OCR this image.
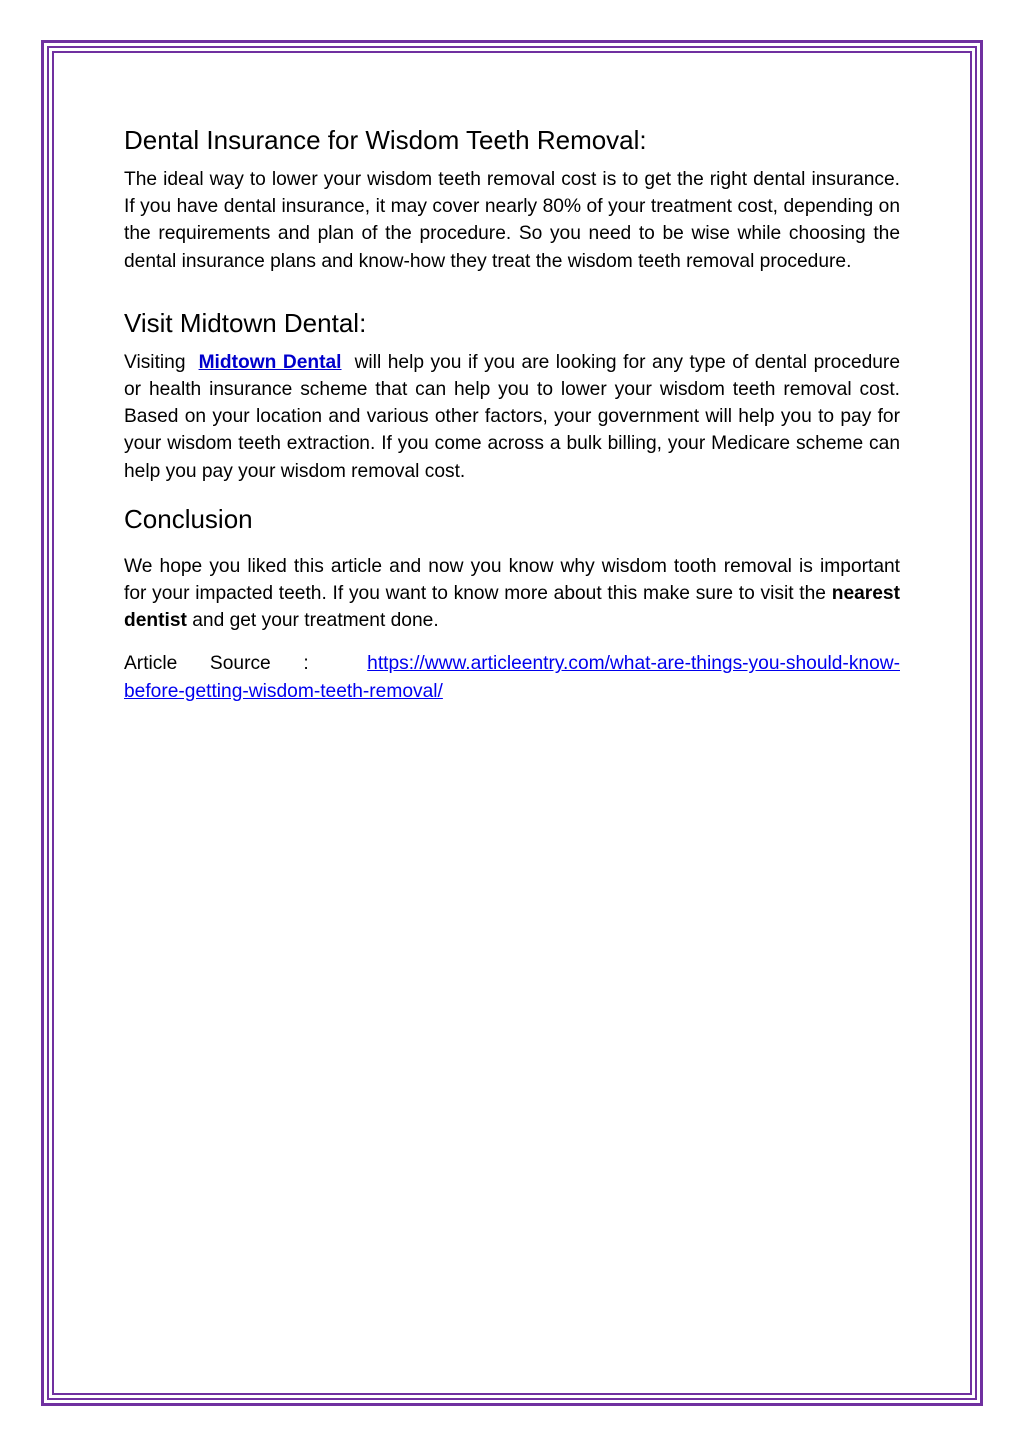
Dental Insurance for Wisdom Teeth Removal:

The ideal way to lower your wisdom teeth removal cost is to get the right dental insurance. If you have dental insurance, it may cover nearly 80% of your treatment cost, depending on the requirements and plan of the procedure. So you need to be wise while choosing the dental insurance plans and know-how they treat the wisdom teeth removal procedure.

Visit Midtown Dental:

Visiting Midtown Dental will help you if you are looking for any type of dental procedure or health insurance scheme that can help you to lower your wisdom teeth removal cost. Based on your location and various other factors, your government will help you to pay for your wisdom teeth extraction. If you come across a bulk billing, your Medicare scheme can help you pay your wisdom removal cost.

Conclusion

We hope you liked this article and now you know why wisdom tooth removal is important for your impacted teeth. If you want to know more about this make sure to visit the nearest dentist and get your treatment done.

Article Source :	https://www.articleentry.com/what-are-things-you-should-know-before-getting-wisdom-teeth-removal/
